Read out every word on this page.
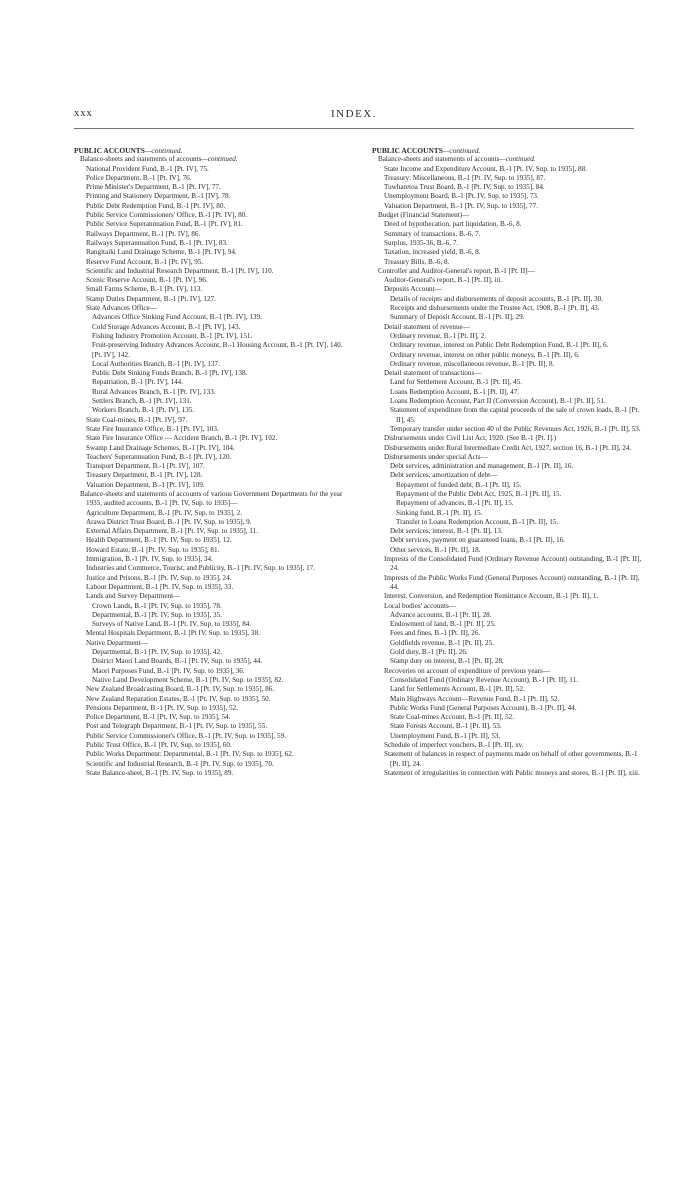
xxx	INDEX.
PUBLIC ACCOUNTS—continued.
Balance-sheets and statements of accounts—continued.
National Provident Fund, B.-1 [Pt. IV], 75.
Police Department, B.-1 [Pt. IV], 76.
Prime Minister's Department, B.-1 [Pt. IV], 77.
Printing and Stationery Department, B.-1 [IV], 78.
Public Debt Redemption Fund, B.-1 [Pt. IV], 80.
Public Service Commissioners' Office, B.-1 [Pt. IV], 80.
Public Service Superannuation Fund, B.-1 [Pt. IV], 81.
Railways Department, B.-1 [Pt. IV], 86.
Railways Superannuation Fund, B.-1 [Pt. IV], 83.
Rangitaiki Land Drainage Scheme, B.-1 [Pt. IV], 94.
Reserve Fund Account, B.-1 [Pt. IV], 95.
Scientific and Industrial Research Department, B.-1 [Pt. IV], 110.
Scenic Reserve Account, B.-1 [Pt. IV], 96.
Small Farms Scheme, B.-1 [Pt. IV], 113.
Stamp Duties Department, B.-1 [Pt. IV], 127.
State Advances Office—
Advances Office Sinking Fund Account, B.-1 [Pt. IV], 139.
Cold Storage Advances Account, B.-1 [Pt. IV], 143.
Fishing Industry Promotion Account, B.-1 [Pt. IV], 151.
Fruit-preserving Industry Advances Account, B.-1 Housing Account, B.-1 [Pt. IV], 140.
[Pt. IV], 142.
Local Authorities Branch, B.-1 [Pt. IV], 137.
Public Debt Sinking Funds Branch, B.-1 [Pt. IV], 138.
Repatriation, B.-1 [Pt. IV], 144.
Rural Advances Branch, B.-1 [Pt. IV], 133.
Settlers Branch, B.-1 [Pt. IV], 131.
Workers Branch, B.-1 [Pt. IV], 135.
State Coal-mines, B.-1 [Pt. IV], 97.
State Fire Insurance Office, B.-1 [Pt. IV], 103.
State Fire Insurance Office — Accident Branch, B.-1 [Pt. IV], 102.
Swamp Land Drainage Schemes, B.-1 [Pt. IV], 104.
Teachers' Superannuation Fund, B.-1 [Pt. IV], 120.
Transport Department, B.-1 [Pt. IV], 107.
Treasury Department, B.-1 [Pt. IV], 128.
Valuation Department, B.-1 [Pt. IV], 109.
Balance-sheets and statements of accounts of various Government Departments for the year 1935, audited accounts, B.-1 [Pt. IV, Sup. to 1935]—
Agriculture Department, B.-1 [Pt. IV, Sup. to 1935], 2.
Arawa District Trust Board, B.-1 [Pt. IV, Sup. to 1935], 9.
External Affairs Department, B.-1 [Pt. IV, Sup. to 1935], 11.
Health Department, B.-1 [Pt. IV, Sup. to 1935], 12.
Howard Estate, B.-1 [Pt. IV, Sup. to 1935], 81.
Immigration, B.-1 [Pt. IV, Sup. to 1935], 34.
Industries and Commerce, Tourist, and Publicity, B.-1 [Pt. IV, Sup. to 1935], 17.
Justice and Prisons, B.-1 [Pt. IV, Sup. to 1935], 24.
Labour Department, B.-1 [Pt. IV, Sup. to 1935], 33.
Lands and Survey Department—
Crown Lands, B.-1 [Pt. IV, Sup. to 1935], 78.
Departmental, B.-1 [Pt. IV, Sup. to 1935], 35.
Surveys of Native Land, B.-1 [Pt. IV, Sup. to 1935], 84.
Mental Hospitals Department, B.-1 [Pt IV, Sup. to 1935], 38.
Native Department—
Departmental, B.-1 [Pt. IV, Sup. to 1935], 42.
District Maori Land Boards, B.-1 [Pt. IV, Sup. to 1935], 44.
Maori Purposes Fund, B.-1 [Pt. IV, Sup. to 1935], 36.
Native Land Development Scheme, B.-1 [Pt. IV, Sup. to 1935], 82.
New Zealand Broadcasting Board, B.-1 [Pt. IV, Sup. to 1935], 86.
New Zealand Reparation Estates, B.-1 [Pt. IV, Sup. to 1935], 50.
Pensions Department, B.-1 [Pt. IV, Sup. to 1935], 52.
Police Department, B.-1 [Pt. IV, Sup. to 1935], 54.
Post and Telegraph Department, B.-1 [Pt. IV, Sup. to 1935], 55.
Public Service Commissioner's Office, B.-1 [Pt. IV, Sup. to 1935], 59.
Public Trust Office, B.-1 [Pt. IV, Sup. to 1935], 60.
Public Works Department: Departmental, B.-1 [Pt. IV, Sup. to 1935], 62.
Scientific and Industrial Research, B.-1 [Pt. IV, Sup. to 1935], 70.
State Balance-sheet, B.-1 [Pt. IV, Sup. to 1935], 89.
PUBLIC ACCOUNTS—continued.
Balance-sheets and statements of accounts—continued.
State Income and Expenditure Account, B.-1 [Pt. IV, Sup. to 1935], 88.
Treasury: Miscellaneous, B.-1 [Pt. IV, Sup. to 1935], 87.
Tuwharetoa Trust Board, B.-1 [Pt. IV, Sup. to 1935], 84.
Unemployment Board, B.-1 [Pt. IV, Sup. to 1935], 73.
Valuation Department, B.-1 [Pt. IV, Sup. to 1935], 77.
Budget (Financial Statement)—
Deed of hypothecation, part liquidation, B.-6, 8.
Summary of transactions, B.-6, 7.
Surplus, 1935-36, B.-6, 7.
Taxation, increased yield, B.-6, 8.
Treasury Bills, B.-6, 8.
Controller and Auditor-General's report, B.-1 [Pt. II]—
Auditor-General's report, B.-1 [Pt. II], iii.
Deposits Account—
Details of receipts and disbursements of deposit accounts, B.-1 [Pt. II], 30.
Receipts and disbursements under the Trustee Act, 1908, B.-1 [Pt. II], 43.
Summary of Deposit Account, B.-1 [Pt. II], 29.
Detail statement of revenue—
Ordinary revenue, B.-1 [Pt. II], 2.
Ordinary revenue, interest on Public Debt Redemption Fund, B.-1 [Pt. II], 6.
Ordinary revenue, interest on other public moneys, B.-1 [Pt. II], 6.
Ordinary revenue, miscellaneous revenue, B.-1 [Pt. II], 8.
Detail statement of transactions—
Land for Settlement Account, B.-1 [Pt. II], 45.
Loans Redemption Account, B.-1 [Pt. II], 47.
Loans Redemption Account, Part II (Conversion Account), B.-1 [Pt. II], 51.
Statement of expenditure from the capital proceeds of the sale of crown loads, B.-1 [Pt. II], 45.
Temporary transfer under section 40 of the Public Revenues Act, 1926, B.-1 [Pt. II], 53.
Disbursements under Civil List Act, 1920. (See B.-1 [Pt. I].)
Disbursements under Rural Intermediate Credit Act, 1927, section 16, B.-1 [Pt. II], 24.
Disbursements under special Acts—
Debt services, administration and management, B.-1 [Pt. II], 16.
Debt services, amortization of debt—
Repayment of funded debt, B.-1 [Pt. II], 15.
Repayment of the Public Debt Act, 1925, B.-1 [Pt. II], 15.
Repayment of advances, B.-1 [Pt. II], 15.
Sinking fund, B.-1 [Pt. II], 15.
Transfer to Loans Redemption Account, B.-1 [Pt. II], 15.
Debt services, interest, B.-1 [Pt. II], 13.
Debt services, payment on guaranteed loans, B.-1 [Pt. II], 16.
Other services, B.-1 [Pt. II], 18.
Imprests of the Consolidated Fund (Ordinary Revenue Account) outstanding, B.-1 [Pt. II], 24.
Imprests of the Public Works Fund (General Purposes Account) outstanding, B.-1 [Pt. II], 44.
Interest, Conversion, and Redemption Remittance Account, B.-1 [Pt. II], 1.
Local bodies' accounts—
Advance accounts, B.-1 [Pt. II], 28.
Endowment of land, B.-1 [Pt. II], 25.
Fees and fines, B.-1 [Pt. II], 26.
Goldfields revenue, B.-1 [Pt. II], 25.
Gold duty, B.-1 [Pt. II], 26.
Stamp duty on interest, B.-1 [Pt. II], 28.
Recoveries on account of expenditure of previous years—
Consolidated Fund (Ordinary Revenue Account), B.-1 [Pt. II], 11.
Land for Settlements Account, B.-1 [Pt. II], 52.
Main Highways Account—Revenue Fund, B.-1 [Pt. II], 52.
Public Works Fund (General Purposes Account), B.-1 [Pt. II], 44.
State Coal-mines Account, B.-1 [Pt. II], 52.
State Forests Account, B.-1 [Pt. II], 53.
Unemployment Fund, B.-1 [Pt. II], 53.
Schedule of imperfect vouchers, B.-1 [Pt. II], xv.
Statement of balances in respect of payments made on behalf of other governments, B.-1 [Pt. II], 24.
Statement of irregularities in connection with Public moneys and stores, B.-1 [Pt. II], xiii.
